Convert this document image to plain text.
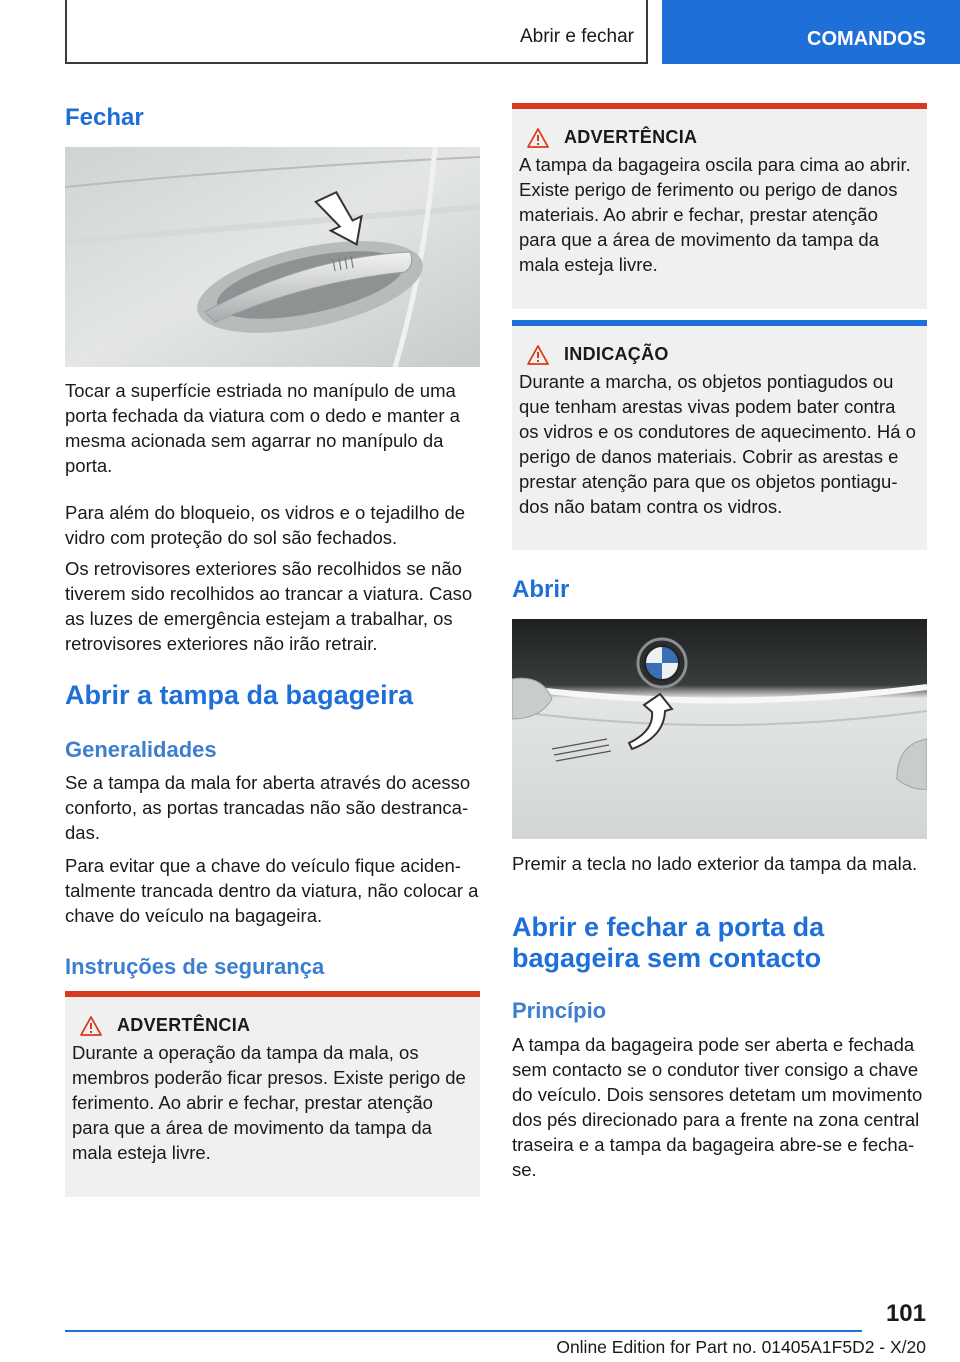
Abrir e fechar	COMANDOS
Fechar

Tocar a superfície estriada no manípulo de uma porta fechada da viatura com o dedo e manter a mesma acionada sem agarrar no manípulo da porta.

Para além do bloqueio, os vidros e o tejadilho de vidro com proteção do sol são fechados.

Os retrovisores exteriores são recolhidos se não tiverem sido recolhidos ao trancar a viatura. Caso as luzes de emergência estejam a trabalhar, os retrovisores exteriores não irão retrair.

Abrir a tampa da bagageira
Generalidades

Se a tampa da mala for aberta através do acesso conforto, as portas trancadas não são destrancadas.

Para evitar que a chave do veículo fique acidentalmente trancada dentro da viatura, não colocar a chave do veículo na bagageira.

Instruções de segurança
ADVERTÊNCIA

Durante a operação da tampa da mala, os membros poderão ficar presos. Existe perigo de ferimento. Ao abrir e fechar, prestar atenção para que a área de movimento da tampa da mala esteja livre.

ADVERTÊNCIA

A tampa da bagageira oscila para cima ao abrir. Existe perigo de ferimento ou perigo de danos materiais. Ao abrir e fechar, prestar atenção para que a área de movimento da tampa da mala esteja livre.

INDICAÇÃO

Durante a marcha, os objetos pontiagudos ou que tenham arestas vivas podem bater contra os vidros e os condutores de aquecimento. Há o perigo de danos materiais. Cobrir as arestas e prestar atenção para que os objetos pontiagudos não batam contra os vidros.

Abrir

Premir a tecla no lado exterior da tampa da mala.

Abrir e fechar a porta da bagageira sem contacto
Princípio

A tampa da bagageira pode ser aberta e fechada sem contacto se o condutor tiver consigo a chave do veículo. Dois sensores detetam um movimento dos pés direcionado para a frente na zona central traseira e a tampa da bagageira abre-se e fecha-se.

101
Online Edition for Part no. 01405A1F5D2 - X/20
